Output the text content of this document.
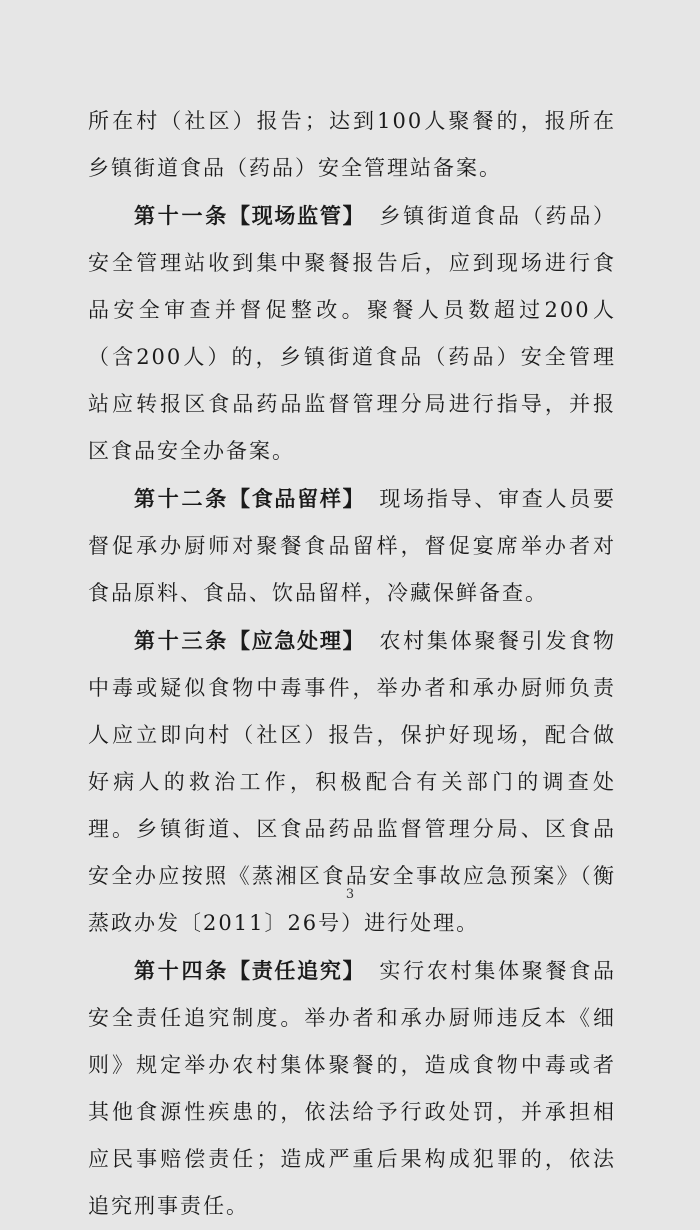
所在村（社区）报告；达到100人聚餐的，报所在乡镇街道食品（药品）安全管理站备案。

第十一条【现场监管】 乡镇街道食品（药品）安全管理站收到集中聚餐报告后，应到现场进行食品安全审查并督促整改。聚餐人员数超过200人（含200人）的，乡镇街道食品（药品）安全管理站应转报区食品药品监督管理分局进行指导，并报区食品安全办备案。

第十二条【食品留样】 现场指导、审查人员要督促承办厨师对聚餐食品留样，督促宴席举办者对食品原料、食品、饮品留样，冷藏保鲜备查。

第十三条【应急处理】 农村集体聚餐引发食物中毒或疑似食物中毒事件，举办者和承办厨师负责人应立即向村（社区）报告，保护好现场，配合做好病人的救治工作，积极配合有关部门的调查处理。乡镇街道、区食品药品监督管理分局、区食品安全办应按照《蒸湘区食品安全事故应急预案》（衡蒸政办发〔2011〕26号）进行处理。

第十四条【责任追究】 实行农村集体聚餐食品安全责任追究制度。举办者和承办厨师违反本《细则》规定举办农村集体聚餐的，造成食物中毒或者其他食源性疾患的，依法给予行政处罚，并承担相应民事赔偿责任；造成严重后果构成犯罪的，依法追究刑事责任。

3
